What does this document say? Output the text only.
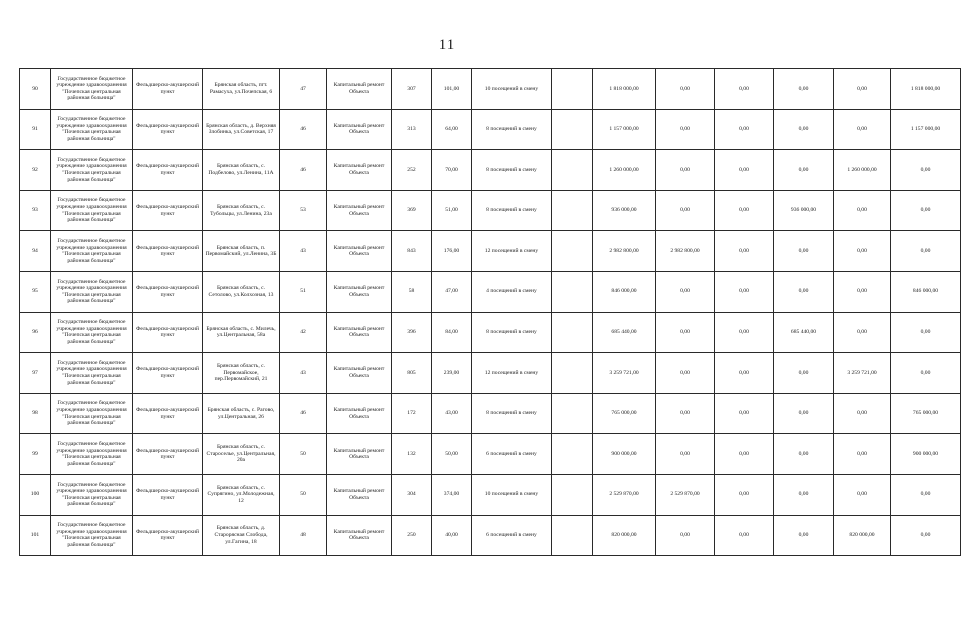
11
90	Государственное бюджетное учреждение здравоохранения "Почепская центральная районная больница"	Фельдшерско-акушерский пункт	Брянская область, пгт. Рамасуха, ул.Почепская, 6	47	Капитальный ремонт Объекта	307	101,00	10 посещений в смену		1 818 000,00	0,00	0,00	0,00	0,00	1 818 000,00
91	Государственное бюджетное учреждение здравоохранения "Почепская центральная районная больница"	Фельдшерско-акушерский пункт	Брянская область, д. Верхняя Злобинка, ул.Советская, 17	46	Капитальный ремонт Объекта	313	64,00	8 посещений в смену		1 157 000,00	0,00	0,00	0,00	0,00	1 157 000,00
92	Государственное бюджетное учреждение здравоохранения "Почепская центральная районная больница"	Фельдшерско-акушерский пункт	Брянская область, с. Подбелово, ул.Ленина, 11А	46	Капитальный ремонт Объекта	252	70,00	8 посещений в смену		1 260 000,00	0,00	0,00	0,00	1 260 000,00	0,00
93	Государственное бюджетное учреждение здравоохранения "Почепская центральная районная больница"	Фельдшерско-акушерский пункт	Брянская область, с. Тубольцы, ул.Ленина, 23а	53	Капитальный ремонт Объекта	369	51,00	8 посещений в смену		936 000,00	0,00	0,00	936 000,00	0,00	0,00
94	Государственное бюджетное учреждение здравоохранения "Почепская центральная районная больница"	Фельдшерско-акушерский пункт	Брянская область, п. Первомайский, ул.Ленина, 3Б	43	Капитальный ремонт Объекта	843	176,00	12 посещений в смену		2 982 800,00	2 982 800,00	0,00	0,00	0,00	0,00
95	Государственное бюджетное учреждение здравоохранения "Почепская центральная районная больница"	Фельдшерско-акушерский пункт	Брянская область, с. Сетолово, ул.Колхозная, 13	51	Капитальный ремонт Объекта	58	47,00	4 посещений в смену		846 000,00	0,00	0,00	0,00	0,00	846 000,00
96	Государственное бюджетное учреждение здравоохранения "Почепская центральная районная больница"	Фельдшерско-акушерский пункт	Брянская область, с. Милечь, ул.Центральная, 58а	42	Капитальный ремонт Объекта	396	84,00	8 посещений в смену		685 440,00	0,00	0,00	685 440,00	0,00	0,00
97	Государственное бюджетное учреждение здравоохранения "Почепская центральная районная больница"	Фельдшерско-акушерский пункт	Брянская область, с. Первомайское, пер.Первомайский, 21	43	Капитальный ремонт Объекта	805	239,00	12 посещений в смену		3 259 721,00	0,00	0,00	0,00	3 259 721,00	0,00
98	Государственное бюджетное учреждение здравоохранения "Почепская центральная районная больница"	Фельдшерско-акушерский пункт	Брянская область, с. Рагово, ул.Центральная, 26	46	Капитальный ремонт Объекта	172	43,00	8 посещений в смену		765 000,00	0,00	0,00	0,00	0,00	765 000,00
99	Государственное бюджетное учреждение здравоохранения "Почепская центральная районная больница"	Фельдшерско-акушерский пункт	Брянская область, с. Староселье, ул.Центральная, 20а	50	Капитальный ремонт Объекта	132	50,00	6 посещений в смену		900 000,00	0,00	0,00	0,00	0,00	900 000,00
100	Государственное бюджетное учреждение здравоохранения "Почепская центральная районная больница"	Фельдшерско-акушерский пункт	Брянская область, с. Супрягино, ул.Молодежная, 12	50	Капитальный ремонт Объекта	304	374,00	10 посещений в смену		2 529 870,00	2 529 870,00	0,00	0,00	0,00	0,00
101	Государственное бюджетное учреждение здравоохранения "Почепская центральная районная больница"	Фельдшерско-акушерский пункт	Брянская область, д. Старорясная Слобода, ул.Гагина, 18	48	Капитальный ремонт Объекта	250	40,00	6 посещений в смену		820 000,00	0,00	0,00	0,00	820 000,00	0,00
